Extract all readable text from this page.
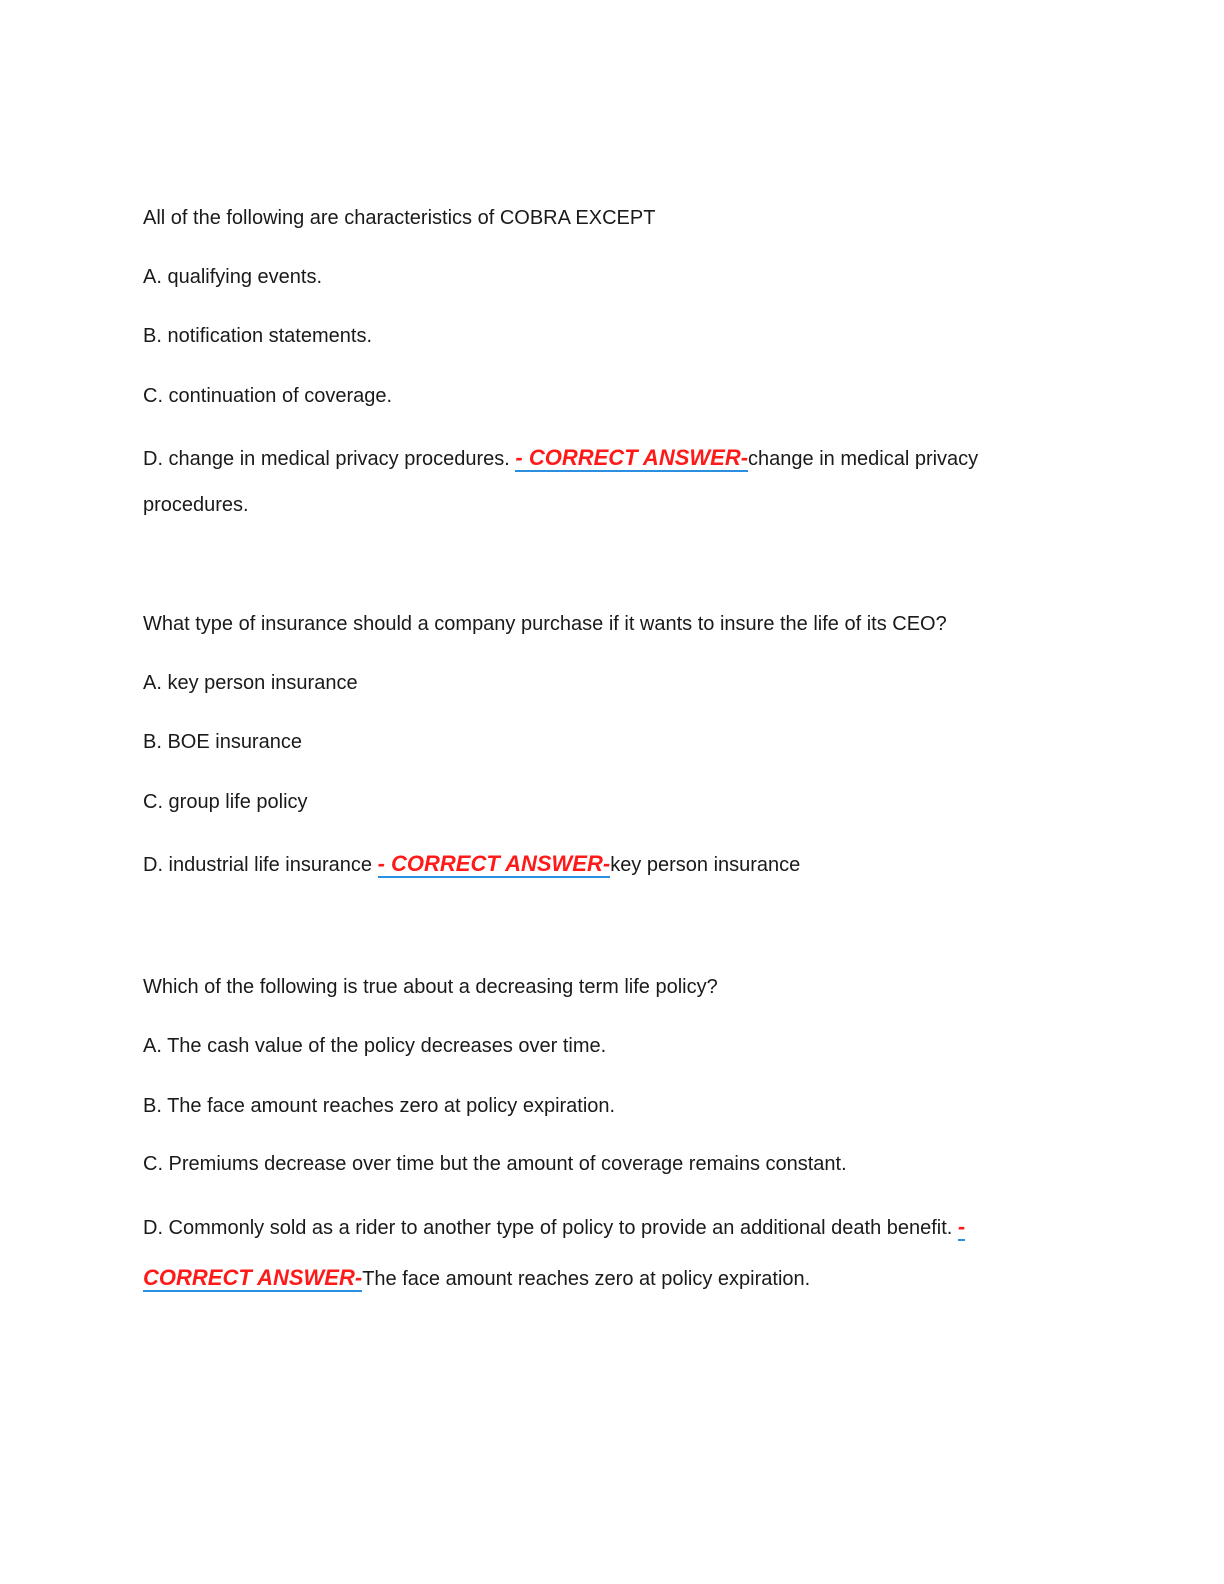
All of the following are characteristics of COBRA EXCEPT
A. qualifying events.
B. notification statements.
C. continuation of coverage.
D. change in medical privacy procedures. - CORRECT ANSWER-change in medical privacy
procedures.
What type of insurance should a company purchase if it wants to insure the life of its CEO?
A. key person insurance
B. BOE insurance
C. group life policy
D. industrial life insurance - CORRECT ANSWER-key person insurance
Which of the following is true about a decreasing term life policy?
A. The cash value of the policy decreases over time.
B. The face amount reaches zero at policy expiration.
C. Premiums decrease over time but the amount of coverage remains constant.
D. Commonly sold as a rider to another type of policy to provide an additional death benefit. -
CORRECT ANSWER-The face amount reaches zero at policy expiration.
